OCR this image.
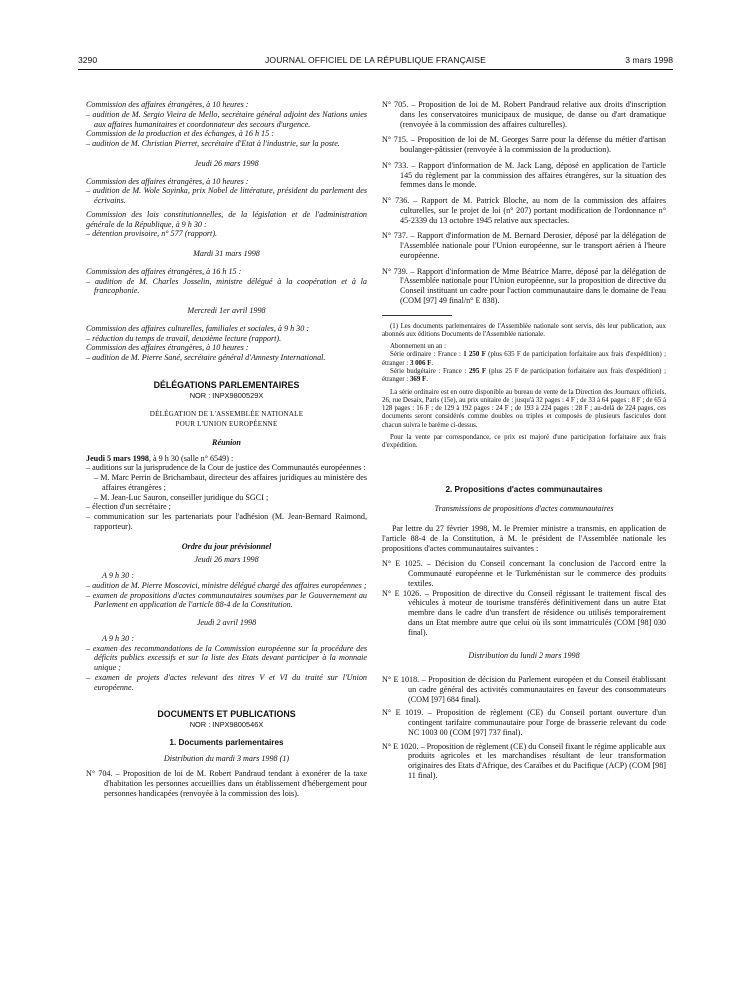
3290	JOURNAL OFFICIEL DE LA RÉPUBLIQUE FRANÇAISE	3 mars 1998

Commission des affaires étrangères, à 10 heures :

– audition de M. Sergio Vieira de Mello, secrétaire général adjoint des Nations unies aux affaires humanitaires et coordonnateur des secours d'urgence.

Commission de la production et des échanges, à 16 h 15 :

– audition de M. Christian Pierret, secrétaire d'Etat à l'industrie, sur la poste.

Jeudi 26 mars 1998

Commission des affaires étrangères, à 10 heures :

– audition de M. Wole Soyinka, prix Nobel de littérature, président du parlement des écrivains.

Commission des lois constitutionnelles, de la législation et de l'administration générale de la République, à 9 h 30 :

– détention provisoire, n° 577 (rapport).

Mardi 31 mars 1998

Commission des affaires étrangères, à 16 h 15 :

– audition de M. Charles Josselin, ministre délégué à la coopération et à la francophonie.

Mercredi 1er avril 1998

Commission des affaires culturelles, familiales et sociales, à 9 h 30 :

– réduction du temps de travail, deuxième lecture (rapport).

Commission des affaires étrangères, à 10 heures :

– audition de M. Pierre Sané, secrétaire général d'Amnesty International.

DÉLÉGATIONS PARLEMENTAIRES

NOR : INPX9800529X

DÉLÉGATION DE L'ASSEMBLÉE NATIONALE

POUR L'UNION EUROPÉENNE

Réunion

Jeudi 5 mars 1998, à 9 h 30 (salle n° 6549) :

– auditions sur la jurisprudence de la Cour de justice des Communautés européennes :

– M. Marc Perrin de Brichambaut, directeur des affaires juridiques au ministère des affaires étrangères ;

– M. Jean-Luc Sauron, conseiller juridique du SGCI ;

– élection d'un secrétaire ;

– communication sur les partenariats pour l'adhésion (M. Jean-Bernard Raimond, rapporteur).

Ordre du jour prévisionnel

Jeudi 26 mars 1998

A 9 h 30 :

– audition de M. Pierre Moscovici, ministre délégué chargé des affaires européennes ;

– examen de propositions d'actes communautaires soumises par le Gouvernement au Parlement en application de l'article 88-4 de la Constitution.

Jeudi 2 avril 1998

A 9 h 30 :

– examen des recommandations de la Commission européenne sur la procédure des déficits publics excessifs et sur la liste des Etats devant participer à la monnaie unique ;

– examen de projets d'actes relevant des titres V et VI du traité sur l'Union européenne.

DOCUMENTS ET PUBLICATIONS

NOR : INPX9800546X

1. Documents parlementaires

Distribution du mardi 3 mars 1998 (1)

N° 704. – Proposition de loi de M. Robert Pandraud tendant à exonérer de la taxe d'habitation les personnes accueillies dans un établissement d'hébergement pour personnes handicapées (renvoyée à la commission des lois).

N° 705. – Proposition de loi de M. Robert Pandraud relative aux droits d'inscription dans les conservatoires municipaux de musique, de danse ou d'art dramatique (renvoyée à la commission des affaires culturelles).

N° 715. – Proposition de loi de M. Georges Sarre pour la défense du métier d'artisan boulanger-pâtissier (renvoyée à la commission de la production).

N° 733. – Rapport d'information de M. Jack Lang, déposé en application de l'article 145 du règlement par la commission des affaires étrangères, sur la situation des femmes dans le monde.

N° 736. – Rapport de M. Patrick Bloche, au nom de la commission des affaires culturelles, sur le projet de loi (n° 207) portant modification de l'ordonnance n° 45-2339 du 13 octobre 1945 relative aux spectacles.

N° 737. – Rapport d'information de M. Bernard Derosier, déposé par la délégation de l'Assemblée nationale pour l'Union européenne, sur le transport aérien à l'heure européenne.

N° 739. – Rapport d'information de Mme Béatrice Marre, déposé par la délégation de l'Assemblée nationale pour l'Union européenne, sur la proposition de directive du Conseil instituant un cadre pour l'action communautaire dans le domaine de l'eau (COM [97] 49 final/n° E 838).

(1) Les documents parlementaires de l'Assemblée nationale sont servis, dès leur publication, aux abonnés aux éditions Documents de l'Assemblée nationale.

Abonnement un an :

Série ordinaire : France : 1 250 F (plus 635 F de participation forfaitaire aux frais d'expédition) ; étranger : 3 006 F.

Série budgétaire : France : 295 F (plus 25 F de participation forfaitaire aux frais d'expédition) ; étranger : 369 F.

La série ordinaire est en outre disponible au bureau de vente de la Direction des Journaux officiels, 26, rue Desaix, Paris (15e), au prix unitaire de : jusqu'à 32 pages : 4 F ; de 33 à 64 pages : 8 F ; de 65 à 128 pages : 16 F ; de 129 à 192 pages : 24 F ; de 193 à 224 pages : 28 F ; au-delà de 224 pages, ces documents seront considérés comme doubles ou triples et composés de plusieurs fascicules dont chacun suivra le barème ci-dessus.

Pour la vente par correspondance, ce prix est majoré d'une participation forfaitaire aux frais d'expédition.

2. Propositions d'actes communautaires

Transmissions de propositions d'actes communautaires

Par lettre du 27 février 1998, M. le Premier ministre a transmis, en application de l'article 88-4 de la Constitution, à M. le président de l'Assemblée nationale les propositions d'actes communautaires suivantes :

N° E 1025. – Décision du Conseil concernant la conclusion de l'accord entre la Communauté européenne et le Turkménistan sur le commerce des produits textiles.

N° E 1026. – Proposition de directive du Conseil régissant le traitement fiscal des véhicules à moteur de tourisme transférés définitivement dans un autre Etat membre dans le cadre d'un transfert de résidence ou utilisés temporairement dans un Etat membre autre que celui où ils sont immatriculés (COM [98] 030 final).

Distribution du lundi 2 mars 1998

N° E 1018. – Proposition de décision du Parlement européen et du Conseil établissant un cadre général des activités communautaires en faveur des consommateurs (COM [97] 684 final).

N° E 1019. – Proposition de règlement (CE) du Conseil portant ouverture d'un contingent tarifaire communautaire pour l'orge de brasserie relevant du code NC 1003 00 (COM [97] 737 final).

N° E 1020. – Proposition de règlement (CE) du Conseil fixant le régime applicable aux produits agricoles et les marchandises résultant de leur transformation originaires des Etats d'Afrique, des Caraïbes et du Pacifique (ACP) (COM [98] 11 final).
